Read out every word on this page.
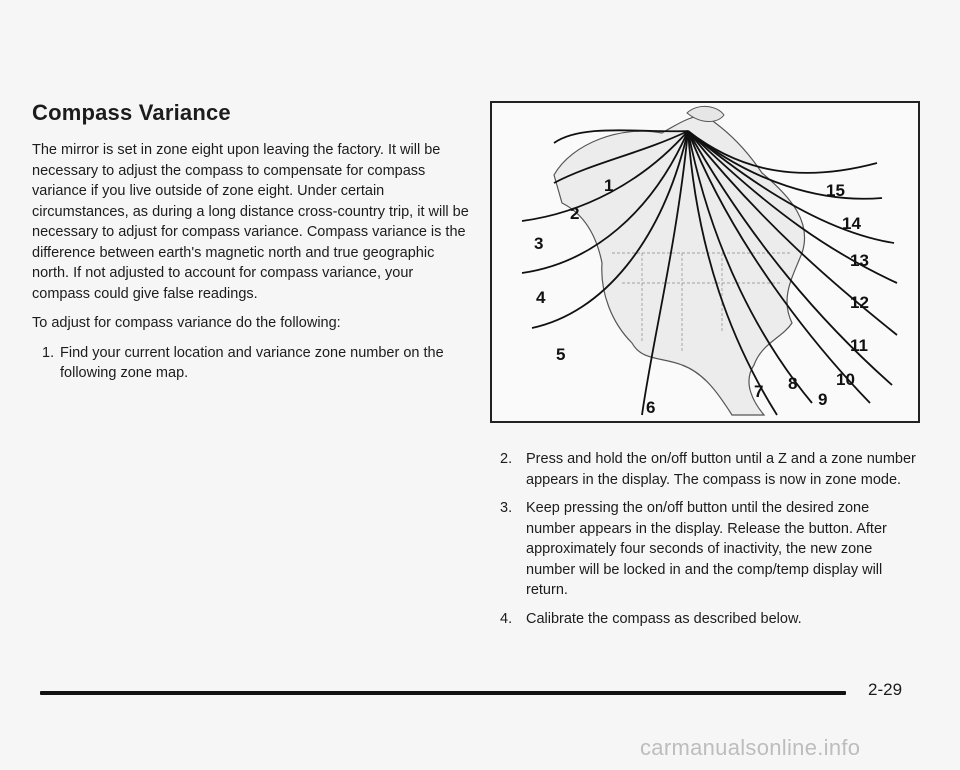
Compass Variance

The mirror is set in zone eight upon leaving the factory. It will be necessary to adjust the compass to compensate for compass variance if you live outside of zone eight. Under certain circumstances, as during a long distance cross-country trip, it will be necessary to adjust for compass variance. Compass variance is the difference between earth's magnetic north and true geographic north. If not adjusted to account for compass variance, your compass could give false readings.

To adjust for compass variance do the following:

1. Find your current location and variance zone number on the following zone map.
1
2
3
4
5
6
7 8
9
10
11
12
13
14
15
2. Press and hold the on/off button until a Z and a zone number appears in the display. The compass is now in zone mode.
3. Keep pressing the on/off button until the desired zone number appears in the display. Release the button. After approximately four seconds of inactivity, the new zone number will be locked in and the comp/temp display will return.
4. Calibrate the compass as described below.
2-29
carmanualsonline.info
